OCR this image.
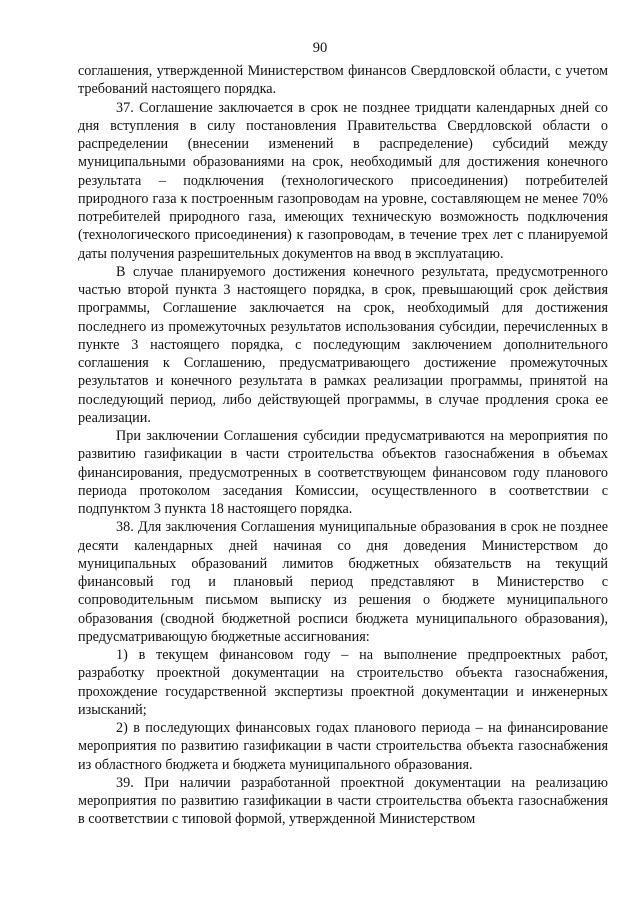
90

соглашения, утвержденной Министерством финансов Свердловской области, с учетом требований настоящего порядка.

37. Соглашение заключается в срок не позднее тридцати календарных дней со дня вступления в силу постановления Правительства Свердловской области о распределении (внесении изменений в распределение) субсидий между муниципальными образованиями на срок, необходимый для достижения конечного результата – подключения (технологического присоединения) потребителей природного газа к построенным газопроводам на уровне, составляющем не менее 70% потребителей природного газа, имеющих техническую возможность подключения (технологического присоединения) к газопроводам, в течение трех лет с планируемой даты получения разрешительных документов на ввод в эксплуатацию.

В случае планируемого достижения конечного результата, предусмотренного частью второй пункта 3 настоящего порядка, в срок, превышающий срок действия программы, Соглашение заключается на срок, необходимый для достижения последнего из промежуточных результатов использования субсидии, перечисленных в пункте 3 настоящего порядка, с последующим заключением дополнительного соглашения к Соглашению, предусматривающего достижение промежуточных результатов и конечного результата в рамках реализации программы, принятой на последующий период, либо действующей программы, в случае продления срока ее реализации.

При заключении Соглашения субсидии предусматриваются на мероприятия по развитию газификации в части строительства объектов газоснабжения в объемах финансирования, предусмотренных в соответствующем финансовом году планового периода протоколом заседания Комиссии, осуществленного в соответствии с подпунктом 3 пункта 18 настоящего порядка.

38. Для заключения Соглашения муниципальные образования в срок не позднее десяти календарных дней начиная со дня доведения Министерством до муниципальных образований лимитов бюджетных обязательств на текущий финансовый год и плановый период представляют в Министерство с сопроводительным письмом выписку из решения о бюджете муниципального образования (сводной бюджетной росписи бюджета муниципального образования), предусматривающую бюджетные ассигнования:

1) в текущем финансовом году – на выполнение предпроектных работ, разработку проектной документации на строительство объекта газоснабжения, прохождение государственной экспертизы проектной документации и инженерных изысканий;

2) в последующих финансовых годах планового периода – на финансирование мероприятия по развитию газификации в части строительства объекта газоснабжения из областного бюджета и бюджета муниципального образования.

39. При наличии разработанной проектной документации на реализацию мероприятия по развитию газификации в части строительства объекта газоснабжения в соответствии с типовой формой, утвержденной Министерством
